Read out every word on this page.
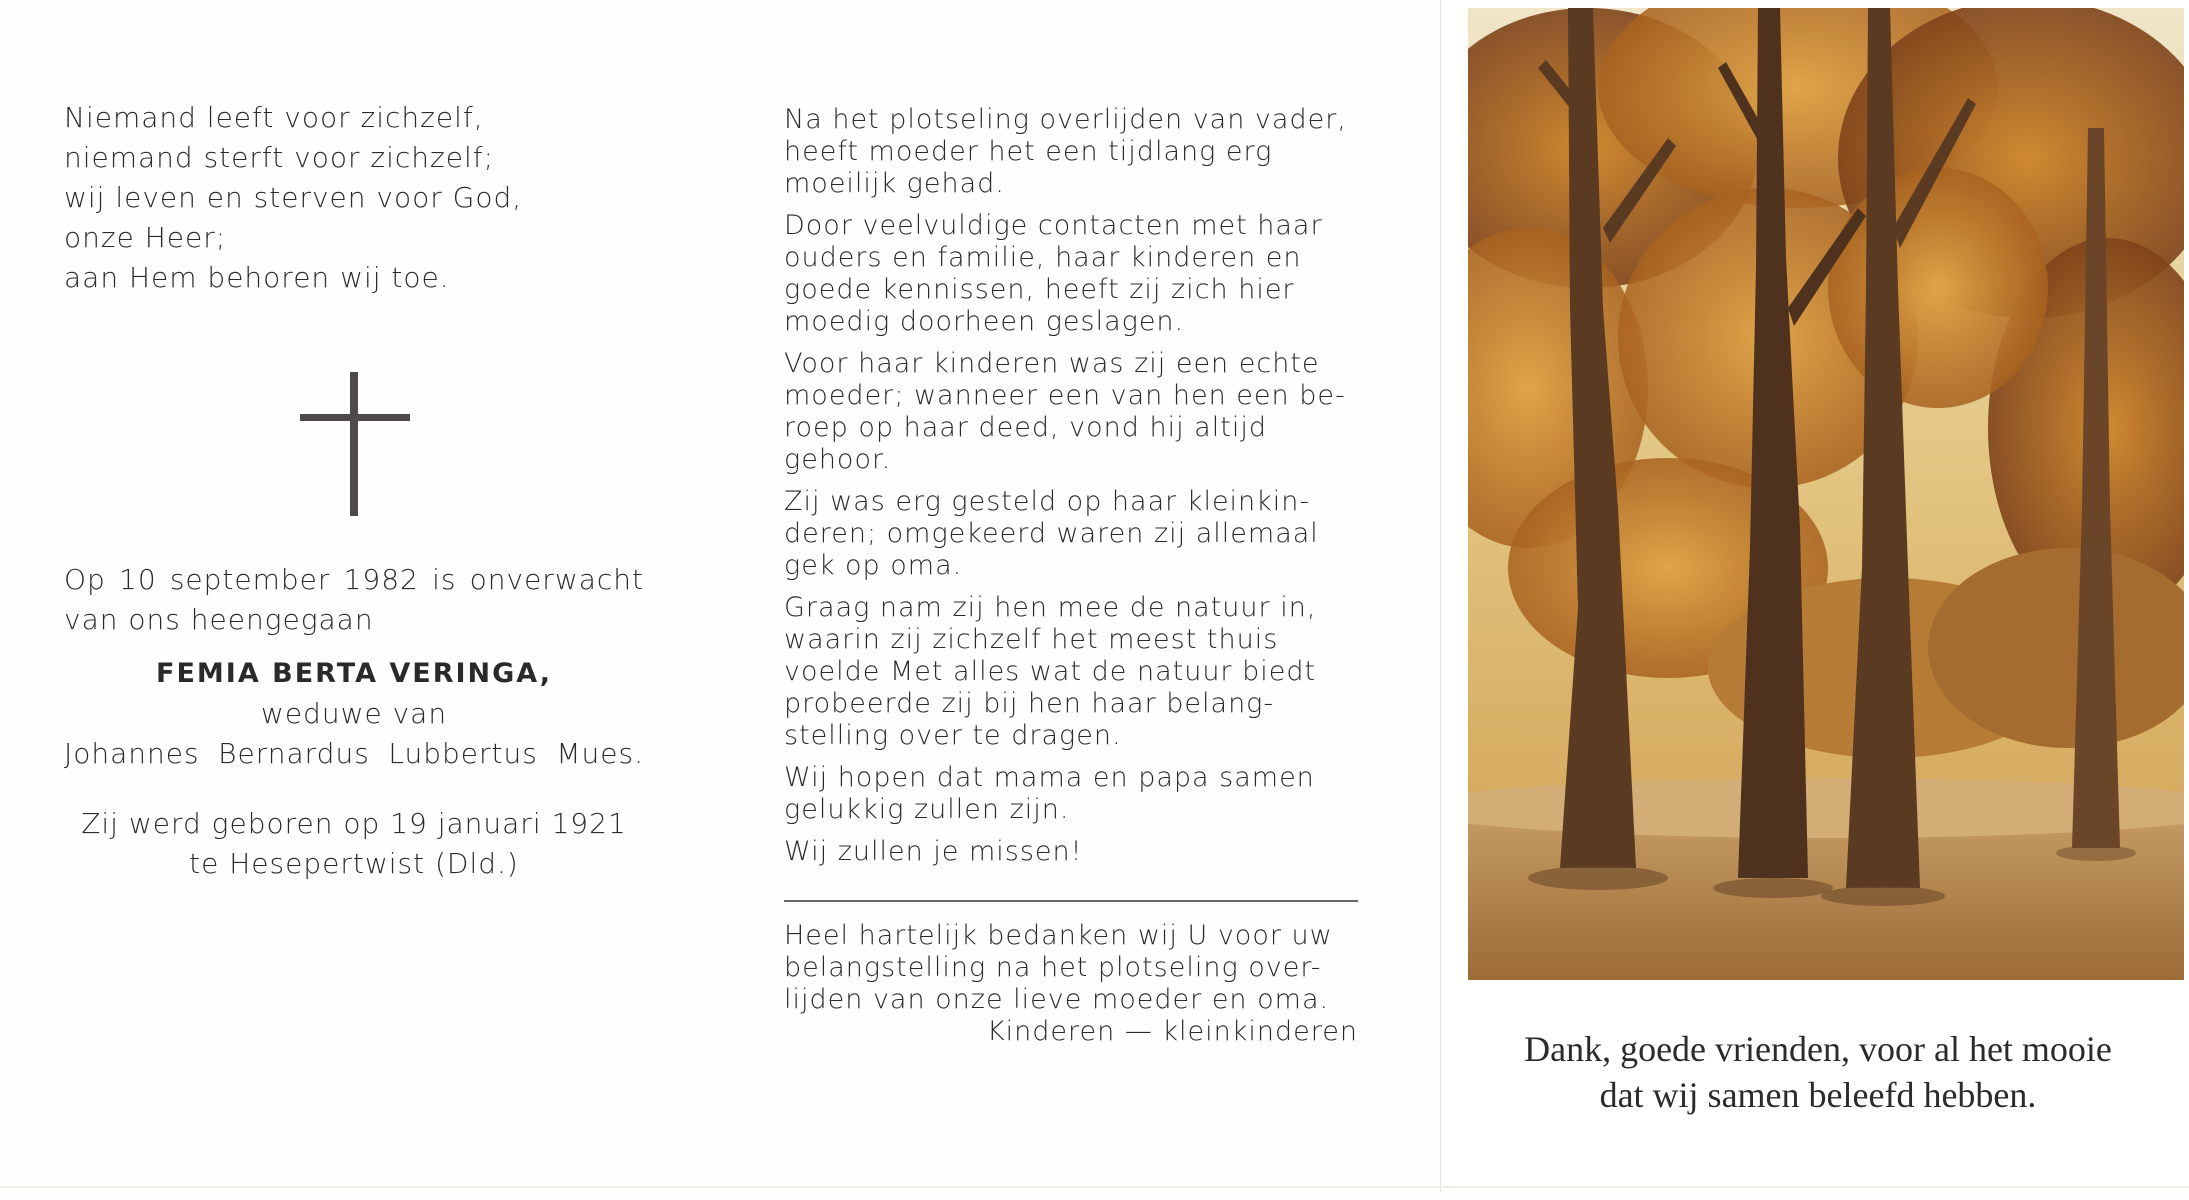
Niemand leeft voor zichzelf,
niemand sterft voor zichzelf;
wij leven en sterven voor God,
onze Heer;
aan Hem behoren wij toe.
Op 10 september 1982 is onverwacht
van ons heengegaan
FEMIA BERTA VERINGA,
weduwe van
Johannes Bernardus Lubbertus Mues.
Zij werd geboren op 19 januari 1921
te Hesepertwist (Dld.)
Na het plotseling overlijden van vader,
heeft moeder het een tijdlang erg
moeilijk gehad.
Door veelvuldige contacten met haar
ouders en familie, haar kinderen en
goede kennissen, heeft zij zich hier
moedig doorheen geslagen.
Voor haar kinderen was zij een echte
moeder; wanneer een van hen een be-
roep op haar deed, vond hij altijd
gehoor.
Zij was erg gesteld op haar kleinkin-
deren; omgekeerd waren zij allemaal
gek op oma.
Graag nam zij hen mee de natuur in,
waarin zij zichzelf het meest thuis
voelde Met alles wat de natuur biedt
probeerde zij bij hen haar belang-
stelling over te dragen.
Wij hopen dat mama en papa samen
gelukkig zullen zijn.
Wij zullen je missen!
Heel hartelijk bedanken wij U voor uw
belangstelling na het plotseling over-
lijden van onze lieve moeder en oma.
Kinderen — kleinkinderen	Dank, goede vrienden, voor al het mooie
dat wij samen beleefd hebben.
